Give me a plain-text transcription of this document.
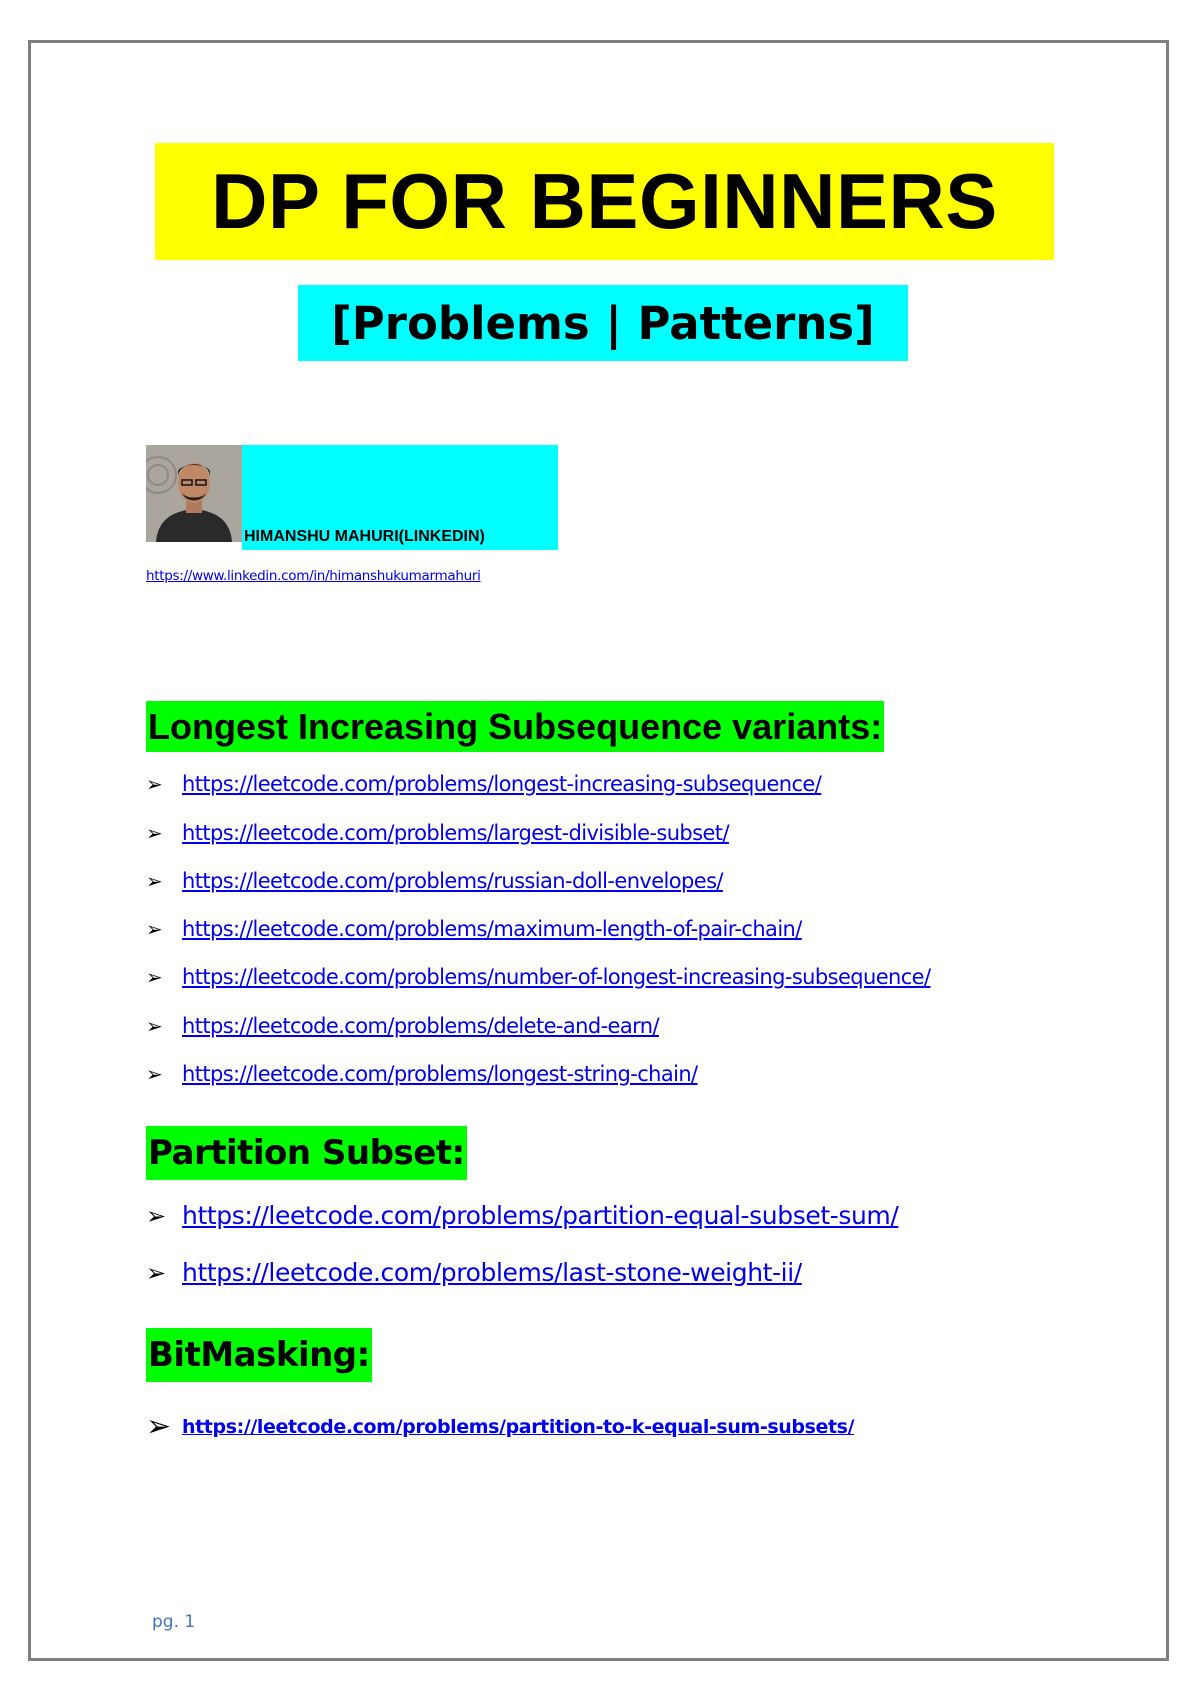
DP FOR BEGINNERS
[Problems | Patterns]
HIMANSHU MAHURI(LINKEDIN)
https://www.linkedin.com/in/himanshukumarmahuri
Longest Increasing Subsequence variants:
➢ https://leetcode.com/problems/longest-increasing-subsequence/
➢ https://leetcode.com/problems/largest-divisible-subset/
➢ https://leetcode.com/problems/russian-doll-envelopes/
➢ https://leetcode.com/problems/maximum-length-of-pair-chain/
➢ https://leetcode.com/problems/number-of-longest-increasing-subsequence/
➢ https://leetcode.com/problems/delete-and-earn/
➢ https://leetcode.com/problems/longest-string-chain/
Partition Subset:
➢ https://leetcode.com/problems/partition-equal-subset-sum/
➢ https://leetcode.com/problems/last-stone-weight-ii/
BitMasking:
➢ https://leetcode.com/problems/partition-to-k-equal-sum-subsets/
pg. 1
